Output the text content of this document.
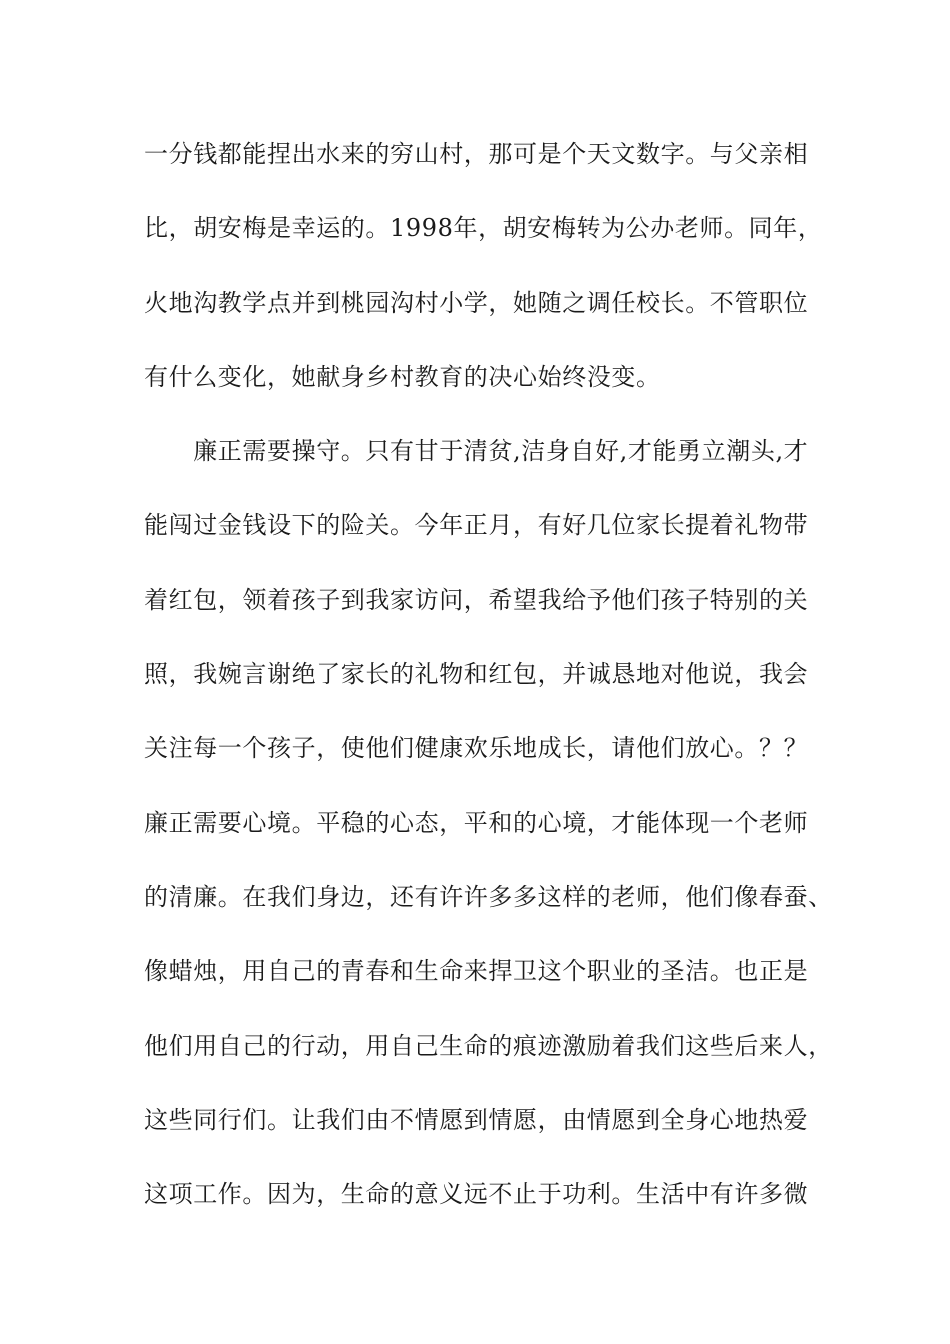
一分钱都能捏出水来的穷山村，那可是个天文数字。与父亲相
比，胡安梅是幸运的。1998年，胡安梅转为公办老师。同年，
火地沟教学点并到桃园沟村小学，她随之调任校长。不管职位
有什么变化，她献身乡村教育的决心始终没变。
　　廉正需要操守。只有甘于清贫,洁身自好,才能勇立潮头,才
能闯过金钱设下的险关。今年正月，有好几位家长提着礼物带
着红包，领着孩子到我家访问，希望我给予他们孩子特别的关
照，我婉言谢绝了家长的礼物和红包，并诚恳地对他说，我会
关注每一个孩子，使他们健康欢乐地成长，请他们放心。？？
廉正需要心境。平稳的心态，平和的心境，才能体现一个老师
的清廉。在我们身边，还有许许多多这样的老师，他们像春蚕、
像蜡烛，用自己的青春和生命来捍卫这个职业的圣洁。也正是
他们用自己的行动，用自己生命的痕迹激励着我们这些后来人，
这些同行们。让我们由不情愿到情愿，由情愿到全身心地热爱
这项工作。因为，生命的意义远不止于功利。生活中有许多微
